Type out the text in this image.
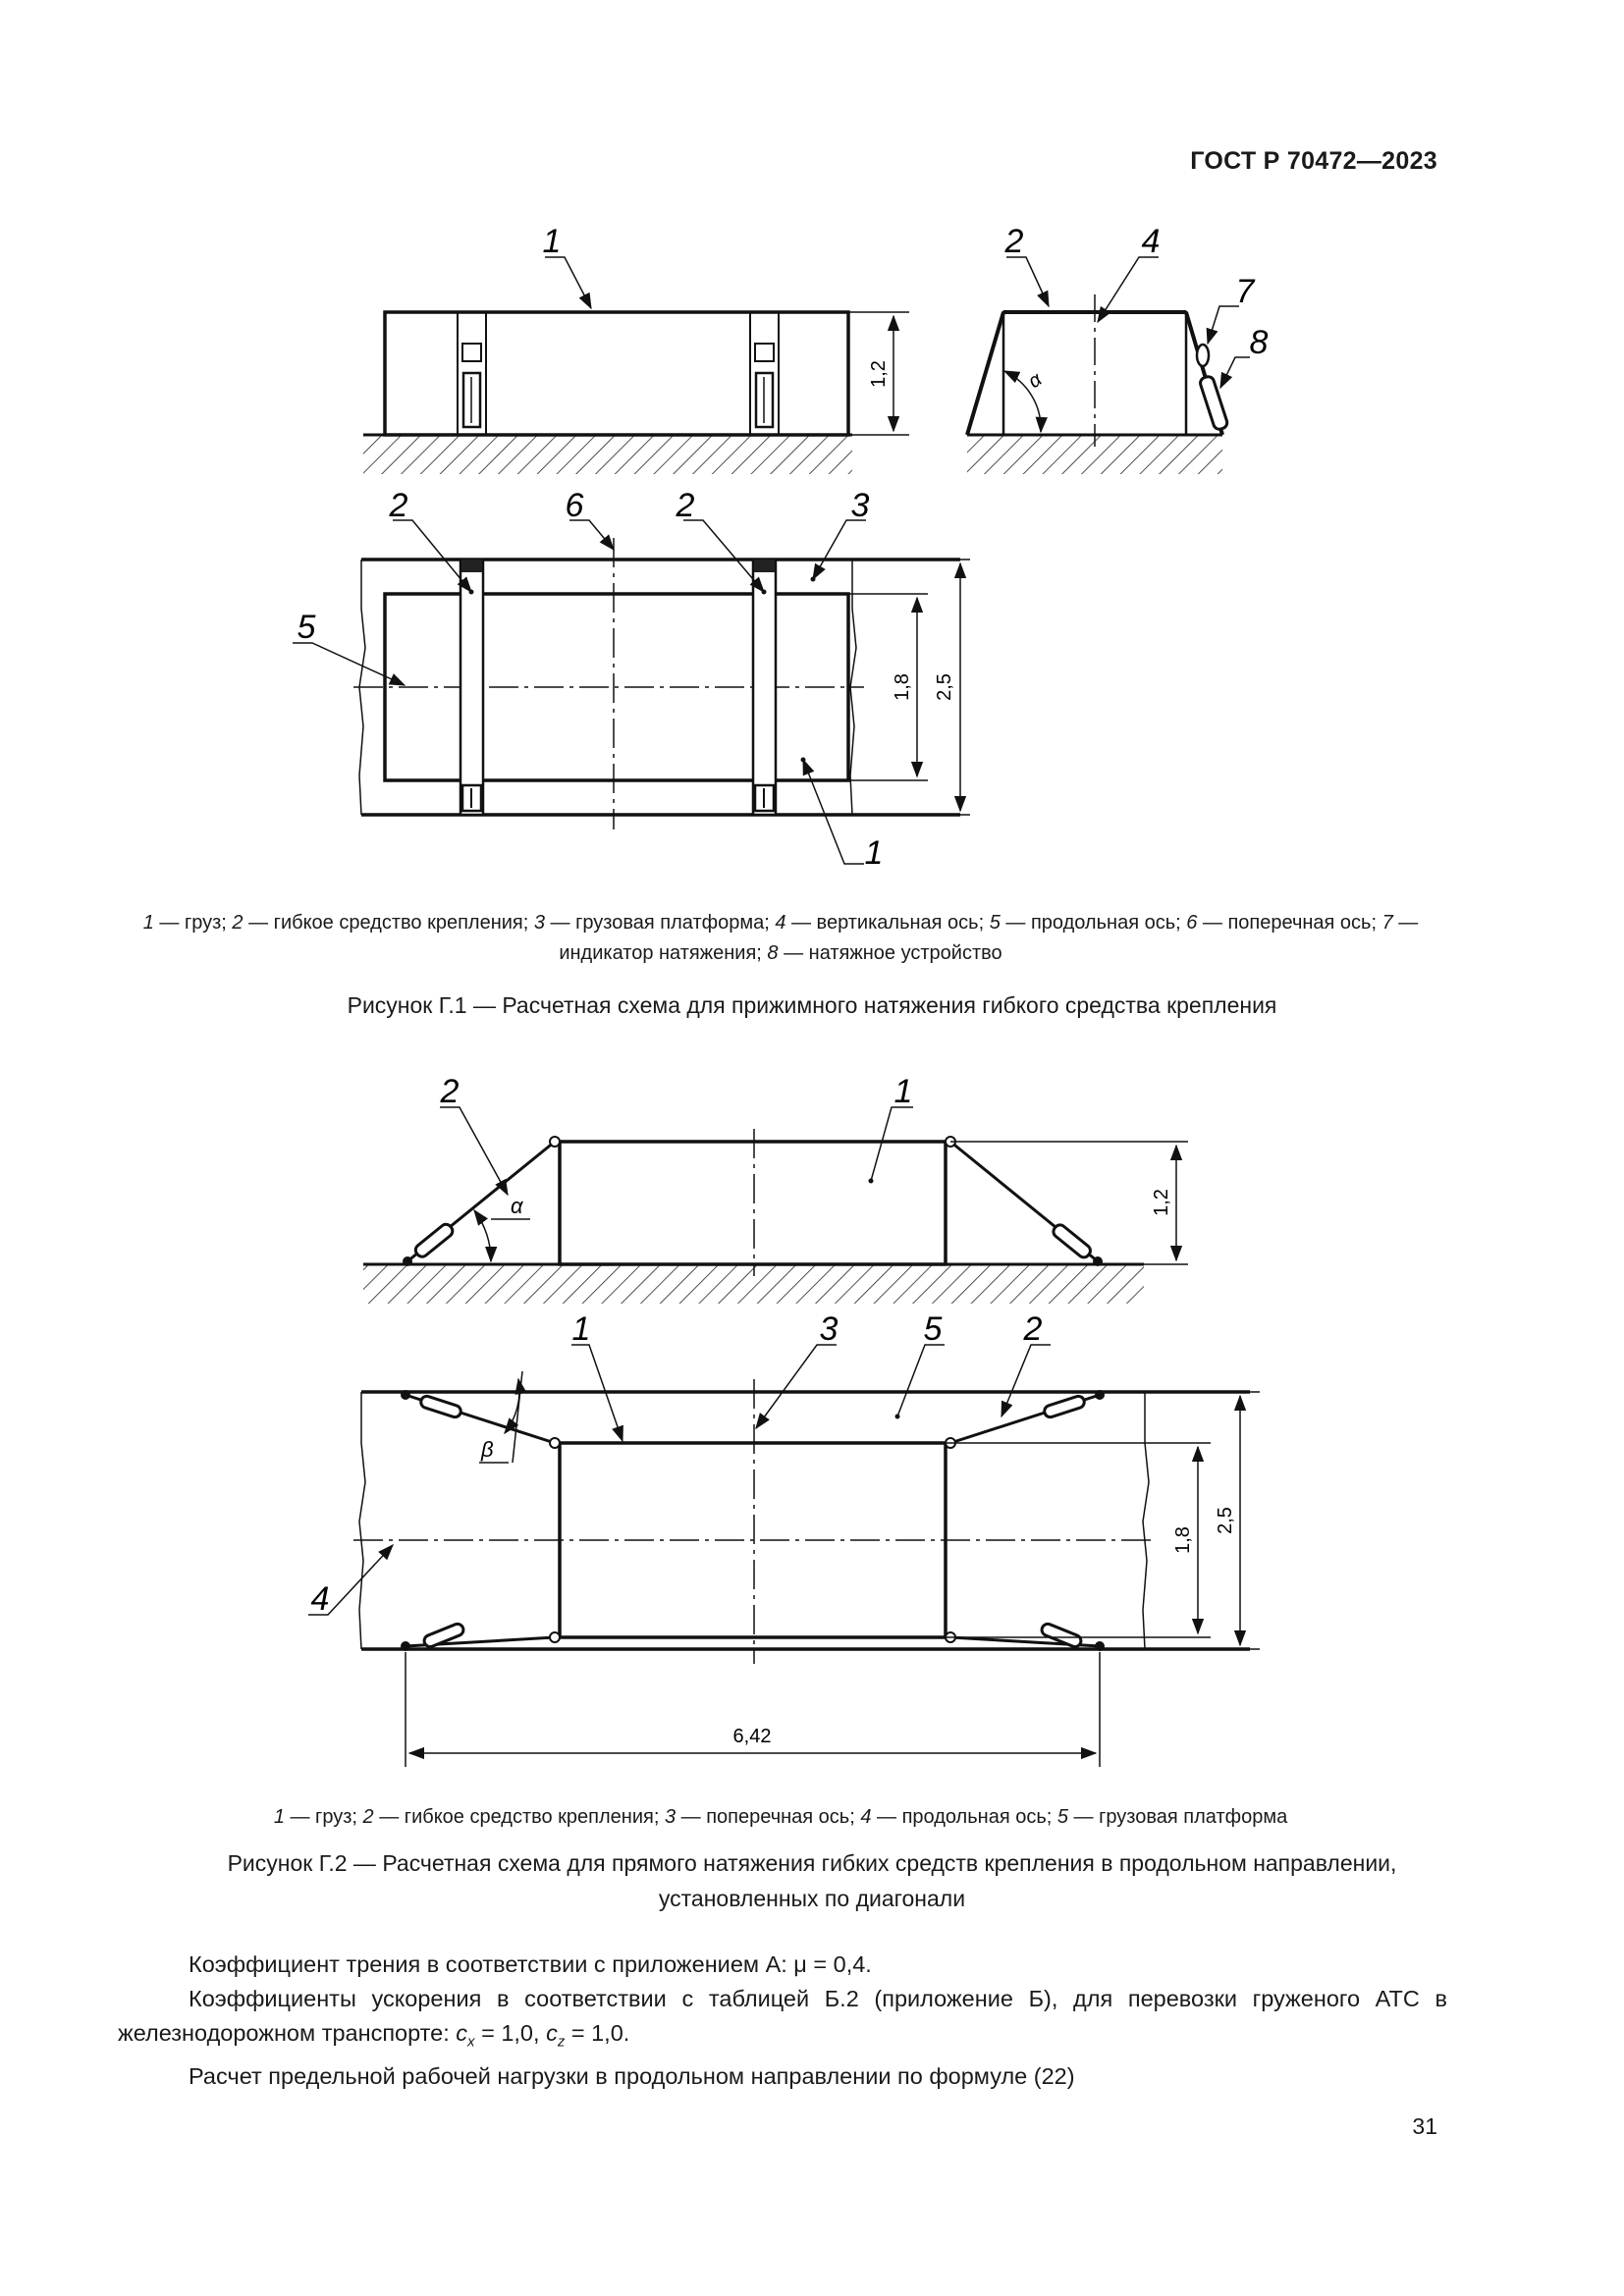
ГОСТ Р 70472—2023
1,2
1
α
2	4
7
8
1,8 2,5
2	6	2	3
5
1

1 — груз; 2 — гибкое средство крепления; 3 — грузовая платформа; 4 — вертикальная ось; 5 — продольная ось; 6 — поперечная ось; 7 — индикатор натяжения; 8 — натяжное устройство

Рисунок Г.1 — Расчетная схема для прижимного натяжения гибкого средства крепления

α	1,2
2	1
β
1,8
2,5
6,42
1	3	5 2
4

1 — груз; 2 — гибкое средство крепления; 3 — поперечная ось; 4 — продольная ось; 5 — грузовая платформа

Рисунок Г.2 — Расчетная схема для прямого натяжения гибких средств крепления в продольном направлении,

установленных по диагонали

Коэффициент трения в соответствии с приложением А: μ = 0,4.

Коэффициенты ускорения в соответствии с таблицей Б.2 (приложение Б), для перевозки груженого АТС в железнодорожном транспорте: $c_x = 1,0$, $c_z = 1,0$.

Расчет предельной рабочей нагрузки в продольном направлении по формуле (22)

31
